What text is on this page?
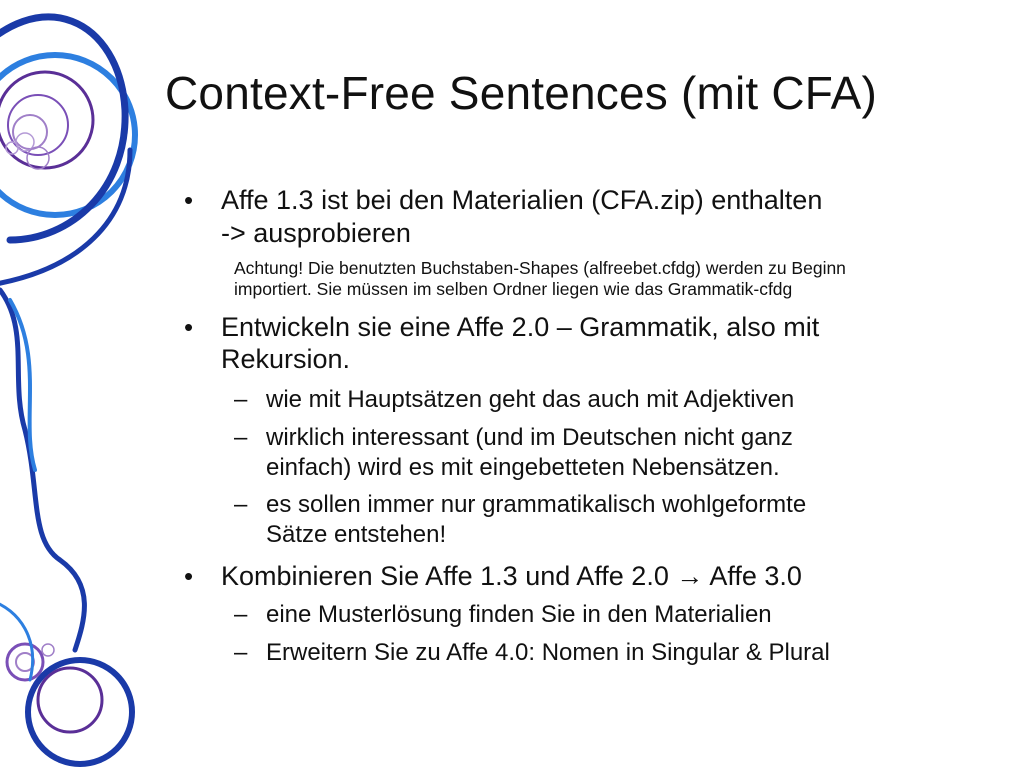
Context-Free Sentences (mit CFA)
• Affe 1.3 ist bei den Materialien (CFA.zip) enthalten
-> ausprobieren
Achtung! Die benutzten Buchstaben-Shapes (alfreebet.cfdg) werden zu Beginn
importiert. Sie müssen im selben Ordner liegen wie das Grammatik-cfdg
• Entwickeln sie eine Affe 2.0 – Grammatik, also mit
Rekursion.
– wie mit Hauptsätzen geht das auch mit Adjektiven
– wirklich interessant (und im Deutschen nicht ganz
einfach) wird es mit eingebetteten Nebensätzen.
– es sollen immer nur grammatikalisch wohlgeformte
Sätze entstehen!
• Kombinieren Sie Affe 1.3 und Affe 2.0 → Affe 3.0
– eine Musterlösung finden Sie in den Materialien
– Erweitern Sie zu Affe 4.0: Nomen in Singular & Plural
